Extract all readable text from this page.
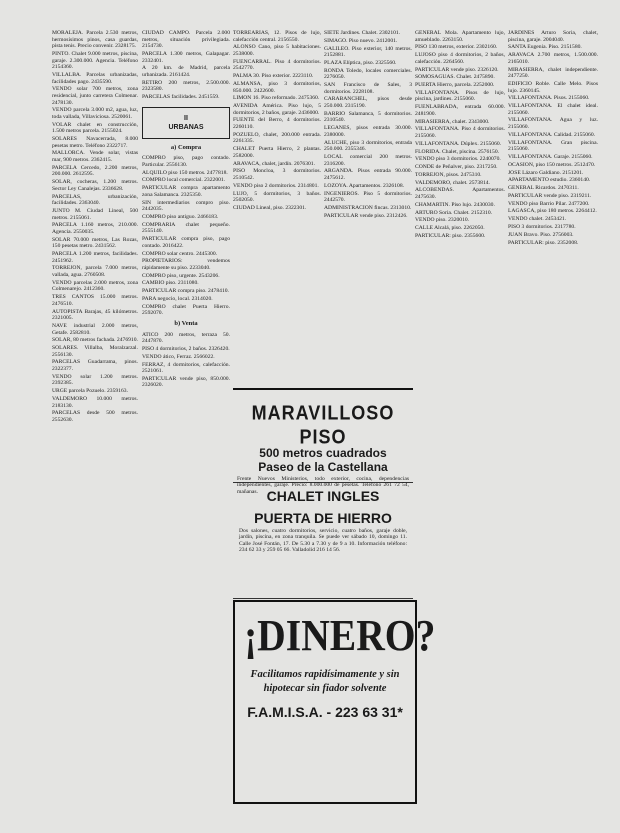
MORALEJA. Parcela 2.530 metros, hermosísimos pinos, casa guardas, pista tenis. Precio convenir. 2328175.

PINTO. Chalet 9.000 metros, piscina, garaje. 2.300.000. Agencia. Teléfono 2154360.

VILLALBA. Parcelas urbanizadas, facilidades pago. 2435590.

VENDO solar 700 metros, zona residencial, junto carretera Colmenar. 2478130.

VENDO parcela 3.000 m2, agua, luz, toda vallada, Villaviciosa. 2520061.

VOLAR chalet en construcción, 1.500 metros parcela. 2155024.

SOLARES Navacerrada, 8.000 pesetas metro. Teléfono 2322717.

MALLORCA. Vende solar, vistas mar, 900 metros. 2362415.

PARCELA Cercedo, 2.200 metros, 200.000. 2612595.

SOLAR, cocheras, 1.200 metros. Sector Ley Canalejas. 2336628.

PARCELAS, urbanización, facilidades. 2363040.

JUNTO M. Ciudad Lineal, 500 metros. 2155061.

PARCELA 1.160 metros, 210.000. Agencia. 2550035.

SOLAR 70.000 metros, Las Rozas, 150 pesetas metro. 2431562.

PARCELA 1.200 metros, facilidades. 2451962.

TORREJON, parcela 7.000 metros, vallada, agua. 2760508.

VENDO parcelas 2.000 metros, zona Colmenarejo. 2412360.

TRES CANTOS 15.000 metros. 2476510.

AUTOPISTA Barajas, 45 kilómetros. 2321005.

NAVE industrial 2.000 metros, Getafe. 2582810.

SOLAR, 80 metros fachada. 2476910.

SOLARES. Villalba, Moralzarzal. 2556130.

PARCELAS Guadarrama, pinos. 2322377.

VENDO solar 1.200 metros. 2392385.

URGE parcela Pozuelo. 2359163.

VALDEMORO 10.000 metros. 2183130.

PARCELAS desde 500 metros. 2552630.

CIUDAD CAMPO. Parcela 2.000 metros, situación privilegiada. 2154730.

PARCELA 1.300 metros, Galapagar. 2332401.

A 20 km. de Madrid, parcela urbanizada. 2161424.

RETIRO 200 metros, 2.500.000. 2323580.

PARCELAS facilidades. 2451559.

II
URBANAS
a) Compra

COMPRO piso, pago contado. Particular. 2556130.

ALQUILO piso 150 metros. 2477818.

COMPRO local comercial. 2322001.

PARTICULAR compra apartamento zona Salamanca. 2325350.

SIN intermediarios compro piso. 2442035.

COMPRO piso antiguo. 2466183.

COMPRARIA chalet pequeño. 2555140.

PARTICULAR compra piso, pago contado. 2016422.

COMPRO solar centro. 2445300.

PROPIETARIOS: vendemos rápidamente su piso. 2233040.

COMPRO piso, urgente. 2543206.

CAMBIO piso. 2311080.

PARTICULAR compra piso. 2478410.

PARA negocio, local. 2314020.

COMPRO chalet Puerta Hierro. 2592070.

b) Venta

ATICO 200 metros, terraza 50. 2447870.

PISO 4 dormitorios, 2 baños. 2326420.

VENDO ático, Ferraz. 2566022.

FERRAZ, 4 dormitorios, calefacción. 2521061.

PARTICULAR vende piso, 850.000. 2326020.

TORREARIAS, 12. Pisos de lujo, calefacción central. 2156550.

ALONSO Cano, piso 5 habitaciones. 2538000.

FUENCARRAL. Piso 4 dormitorios. 2542770.

PALMA 30. Piso exterior. 2223110.

ALMANSA, piso 3 dormitorios, 850.000. 2422600.

LIMON 16. Piso reformado. 2475360.

AVENIDA América. Piso lujo, 5 dormitorios, 2 baños, garaje. 2436000.

FUENTE del Berro, 4 dormitorios. 2260110.

POZUELO, chalet, 200.000 entrada. 2261335.

CHALET Puerta Hierro, 2 plantas. 2582000.

ARAVACA, chalet, jardín. 2076301.

PISO Moncloa, 3 dormitorios. 2510542.

VENDO piso 2 dormitorios. 2314801.

LUJO, 5 dormitorios, 3 baños. 2502050.

CIUDAD Lineal, piso. 2322301.

SIETE Jardines. Chalet. 2302101.

SIMAGO. Piso nuevo. 2412001.

GALILEO. Piso exterior, 140 metros. 2152881.

PLAZA Elíptica, piso. 2325560.

RONDA Toledo, locales comerciales. 2276050.

SAN Francisco de Sales, 3 dormitorios. 2228108.

CARABANCHEL, pisos desde 250.000. 2315190.

BARRIO Salamanca, 5 dormitorios. 2310540.

LEGANES, pisos entrada 30.000. 2380000.

ALUCHE, piso 3 dormitorios, entrada 250.000. 2355346.

LOCAL comercial 200 metros. 2316200.

ARGANDA. Pisos entrada 90.000. 2475612.

LOZOYA. Apartamentos. 2326108.

INGENIEROS. Piso 5 dormitorios. 2442570.

ADMINISTRACION fincas. 2313010.

PARTICULAR vende piso. 2312426.

MARAVILLOSO PISO
500 metros cuadrados
Paseo de la Castellana
Frente Nuevos Ministerios, todo exterior, cocina, dependencias independientes, garaje. Precio: 8.000.000 de pesetas. Teléfono 261 72 54, mañanas. CHALET INGLES
PUERTA DE HIERRO
Dos salones, cuatro dormitorios, servicio, cuatro baños, garaje doble, jardín, piscina, en zona tranquila. Se puede ver sábado 10, domingo 11. Calle José Fontán, 17. De 5.30 a 7.30 y de 9 a 10. Información teléfono: 234 62 33 y 259 05 66. Valladolid 216 14 56.
¡DINERO?
Facilitamos rapidísimamente y sin hipotecar sin fiador solvente
F.A.M.I.S.A. - 223 63 31*

GENERAL Mola. Apartamento lujo, amueblado. 2263150.

PISO 130 metros, exterior. 2302160.

LUJOSO piso 4 dormitorios, 2 baños, calefacción. 2264560.

PARTICULAR vende piso. 2326120.

SOMOSAGUAS. Chalet. 2475890.

PUERTA Hierro, parcela. 2252000.

VILLAFONTANA. Pisos de lujo, piscina, jardines. 2155060.

FUENLABRADA, entrada 60.000. 2481900.

MIRASIERRA, chalet. 2343000.

VILLAFONTANA. Piso 4 dormitorios. 2155060.

VILLAFONTANA. Dúplex. 2155060.

FLORIDA. Chalet, piscina. 2576150.

VENDO piso 3 dormitorios. 2240070.

CONDE de Peñalver, piso. 2317250.

TORREJON, pisos. 2475310.

VALDEMORO, chalet. 2573814.

ALCOBENDAS. Apartamentos. 2475630.

CHAMARTIN. Piso lujo. 2430030.

ARTURO Soria. Chalet. 2152310.

VENDO piso. 2320010.

CALLE Alcalá, piso. 2262050.

PARTICULAR: piso. 2355600.

JARDINES Arturo Soria, chalet, piscina, garaje. 2004040.

SANTA Eugenia. Piso. 2151580.

ARAVACA 2.700 metros, 1.500.000. 2165010.

MIRASIERRA, chalet independiente. 2477250.

EDIFICIO Roble. Calle Melo. Pisos lujo. 2360145.

VILLAFONTANA. Pisos. 2155060.

VILLAFONTANA. El chalet ideal. 2155060.

VILLAFONTANA. Agua y luz. 2155060.

VILLAFONTANA. Calidad. 2155060.

VILLAFONTANA. Gran piscina. 2155060.

VILLAFONTANA. Garaje. 2155060.

OCASION, piso 150 metros. 2512470.

JOSE Lázaro Galdiano. 2151201.

APARTAMENTO estudio. 2360140.

GENERAL Ricardos. 2470311.

PARTICULAR vende piso. 2319211.

VENDO piso Barrio Pilar. 2477200.

LAGASCA, piso 180 metros. 2264412.

VENDO chalet. 2453421.

PISO 3 dormitorios. 2317780.

JUAN Bravo. Piso. 2756003.

PARTICULAR: piso. 2352008.
